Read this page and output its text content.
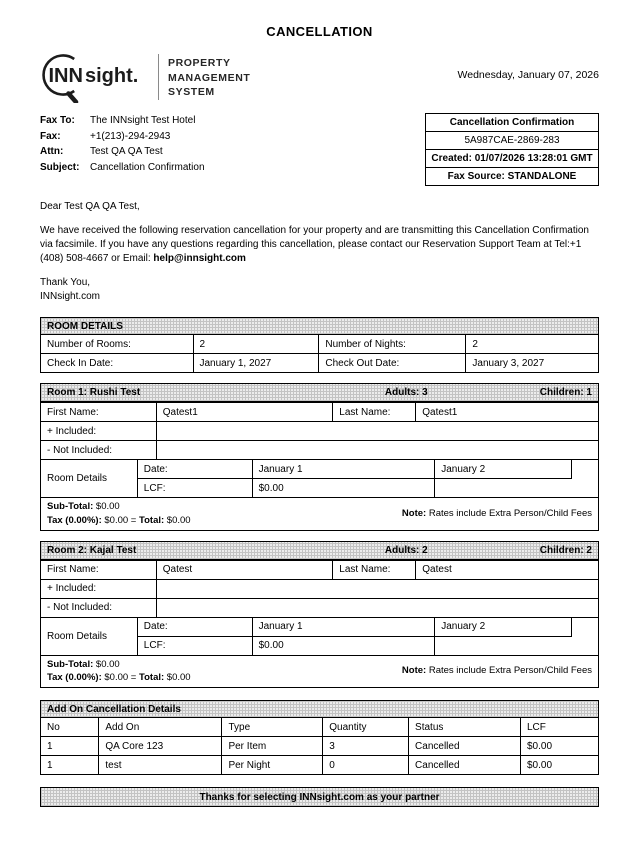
CANCELLATION
INN sight.
PROPERTY
MANAGEMENT
SYSTEM
Wednesday, January 07, 2026
Fax To: The INNsight Test Hotel
Fax:	+1(213)-294-2943
Attn:	Test QA QA Test
Subject: Cancellation Confirmation
Cancellation Confirmation
5A987CAE-2869-283
Created: 01/07/2026 13:28:01 GMT
Fax Source: STANDALONE

Dear Test QA QA Test,

We have received the following reservation cancellation for your property and are transmitting this Cancellation Confirmation via facsimile. If you have any questions regarding this cancellation, please contact our Reservation Support Team at Tel:+1 (408) 508-4667 or Email: help@innsight.com

Thank You,
INNsight.com

ROOM DETAILS
Number of Rooms:	2	Number of Nights:	2
Check In Date:	January 1, 2027	Check Out Date:	January 3, 2027
Room 1: Rushi Test	Adults: 3	Children: 1
First Name:	Qatest1	Last Name:	Qatest1
+ Included:
- Not Included:
Room Details
Date:	January 1	January 2
LCF:	$0.00
Sub-Total: $0.00
Tax (0.00%): $0.00 = Total: $0.00
Note: Rates include Extra Person/Child Fees
Room 2: Kajal Test	Adults: 2	Children: 2
First Name:	Qatest	Last Name:	Qatest
+ Included:
- Not Included:
Room Details
Date:	January 1	January 2
LCF:	$0.00
Sub-Total: $0.00
Tax (0.00%): $0.00 = Total: $0.00
Note: Rates include Extra Person/Child Fees
Add On Cancellation Details
No	Add On	Type	Quantity	Status	LCF
1	QA Core 123	Per Item	3	Cancelled	$0.00
1	test	Per Night	0	Cancelled	$0.00
Thanks for selecting INNsight.com as your partner
